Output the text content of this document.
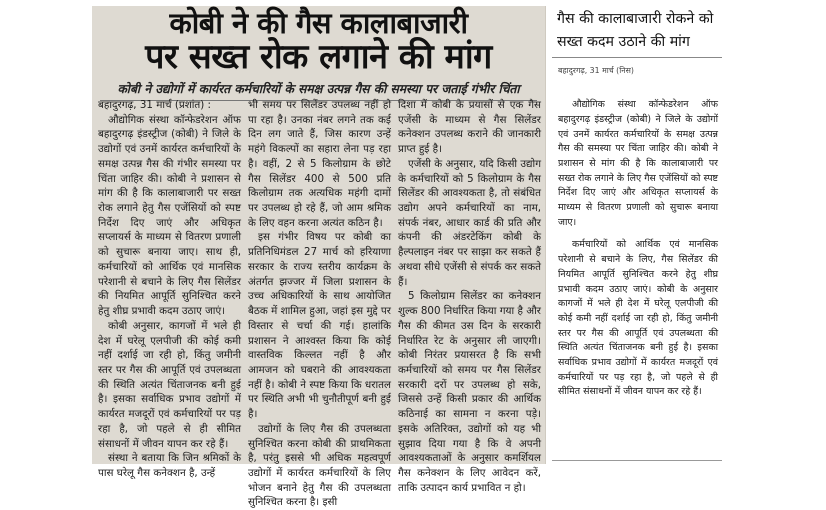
कोबी ने की गैस कालाबाजारी
पर सख्त रोक लगाने की मांग
कोबी ने उद्योगों में कार्यरत कर्मचारियों के समक्ष उत्पन्न गैस की समस्या पर जताई गंभीर चिंता

बहादुरगढ़, 31 मार्च (प्रशांत) :

औद्योगिक संस्था कॉन्फेडरेशन ऑफ बहादुरगढ़ इंडस्ट्रीज (कोबी) ने जिले के उद्योगों एवं उनमें कार्यरत कर्मचारियों के समक्ष उत्पन्न गैस की गंभीर समस्या पर चिंता जाहिर की। कोबी ने प्रशासन से मांग की है कि कालाबाजारी पर सख्त रोक लगाने हेतु गैस एजेंसियों को स्पष्ट निर्देश दिए जाएं और अधिकृत सप्लायर्स के माध्यम से वितरण प्रणाली को सुचारू बनाया जाए। साथ ही, कर्मचारियों को आर्थिक एवं मानसिक परेशानी से बचाने के लिए गैस सिलेंडर की नियमित आपूर्ति सुनिश्चित करने हेतु शीघ्र प्रभावी कदम उठाए जाएं।

कोबी अनुसार, कागजों में भले ही देश में घरेलू एलपीजी की कोई कमी नहीं दर्शाई जा रही हो, किंतु जमीनी स्तर पर गैस की आपूर्ति एवं उपलब्धता की स्थिति अत्यंत चिंताजनक बनी हुई है। इसका सर्वाधिक प्रभाव उद्योगों में कार्यरत मजदूरों एवं कर्मचारियों पर पड़ रहा है, जो पहले से ही सीमित संसाधनों में जीवन यापन कर रहे हैं।

संस्था ने बताया कि जिन श्रमिकों के पास घरेलू गैस कनेक्शन है, उन्हें

भी समय पर सिलेंडर उपलब्ध नहीं हो पा रहा है। उनका नंबर लगने तक कई दिन लग जाते हैं, जिस कारण उन्हें महंगे विकल्पों का सहारा लेना पड़ रहा है। वहीं, 2 से 5 किलोग्राम के छोटे गैस सिलेंडर 400 से 500 प्रति किलोग्राम तक अत्यधिक महंगी दामों पर उपलब्ध हो रहे हैं, जो आम श्रमिक के लिए वहन करना अत्यंत कठिन है।

इस गंभीर विषय पर कोबी का प्रतिनिधिमंडल 27 मार्च को हरियाणा सरकार के राज्य स्तरीय कार्यक्रम के अंतर्गत झज्जर में जिला प्रशासन के उच्च अधिकारियों के साथ आयोजित बैठक में शामिल हुआ, जहां इस मुद्दे पर विस्तार से चर्चा की गई। हालांकि प्रशासन ने आश्वस्त किया कि कोई वास्तविक किल्लत नहीं है और आमजन को घबराने की आवश्यकता नहीं है। कोबी ने स्पष्ट किया कि धरातल पर स्थिति अभी भी चुनौतीपूर्ण बनी हुई है।

उद्योगों के लिए गैस की उपलब्धता सुनिश्चित करना कोबी की प्राथमिकता है, परंतु इससे भी अधिक महत्वपूर्ण उद्योगों में कार्यरत कर्मचारियों के लिए भोजन बनाने हेतु गैस की उपलब्धता सुनिश्चित करना है। इसी

दिशा में कोबी के प्रयासों से एक गैस एजेंसी के माध्यम से गैस सिलेंडर कनेक्शन उपलब्ध कराने की जानकारी प्राप्त हुई है।

एजेंसी के अनुसार, यदि किसी उद्योग के कर्मचारियों को 5 किलोग्राम के गैस सिलेंडर की आवश्यकता है, तो संबंधित उद्योग अपने कर्मचारियों का नाम, संपर्क नंबर, आधार कार्ड की प्रति और कंपनी की अंडरटेकिंग कोबी के हैल्पलाइन नंबर पर साझा कर सकते हैं अथवा सीधे एजेंसी से संपर्क कर सकते हैं।

5 किलोग्राम सिलेंडर का कनेक्शन शुल्क 800 निर्धारित किया गया है और गैस की कीमत उस दिन के सरकारी निर्धारित रेट के अनुसार ली जाएगी। कोबी निरंतर प्रयासरत है कि सभी कर्मचारियों को समय पर गैस सिलेंडर सरकारी दरों पर उपलब्ध हो सके, जिससे उन्हें किसी प्रकार की आर्थिक कठिनाई का सामना न करना पड़े। इसके अतिरिक्त, उद्योगों को यह भी सुझाव दिया गया है कि वे अपनी आवश्यकताओं के अनुसार कमर्शियल गैस कनेक्शन के लिए आवेदन करें, ताकि उत्पादन कार्य प्रभावित न हो।

गैस की कालाबाजारी रोकने को सख्त कदम उठाने की मांग
बहादुरगढ़, 31 मार्च (निस)

औद्योगिक संस्था कॉन्फेडरेशन ऑफ बहादुरगढ़ इंडस्ट्रीज (कोबी) ने जिले के उद्योगों एवं उनमें कार्यरत कर्मचारियों के समक्ष उत्पन्न गैस की समस्या पर चिंता जाहिर की। कोबी ने प्रशासन से मांग की है कि कालाबाजारी पर सख्त रोक लगाने के लिए गैस एजेंसियों को स्पष्ट निर्देश दिए जाएं और अधिकृत सप्लायर्स के माध्यम से वितरण प्रणाली को सुचारू बनाया जाए।

कर्मचारियों को आर्थिक एवं मानसिक परेशानी से बचाने के लिए, गैस सिलेंडर की नियमित आपूर्ति सुनिश्चित करने हेतु शीघ्र प्रभावी कदम उठाए जाएं। कोबी के अनुसार कागजों में भले ही देश में घरेलू एलपीजी की कोई कमी नहीं दर्शाई जा रही हो, किंतु जमीनी स्तर पर गैस की आपूर्ति एवं उपलब्धता की स्थिति अत्यंत चिंताजनक बनी हुई है। इसका सर्वाधिक प्रभाव उद्योगों में कार्यरत मजदूरों एवं कर्मचारियों पर पड़ रहा है, जो पहले से ही सीमित संसाधनों में जीवन यापन कर रहे हैं।
